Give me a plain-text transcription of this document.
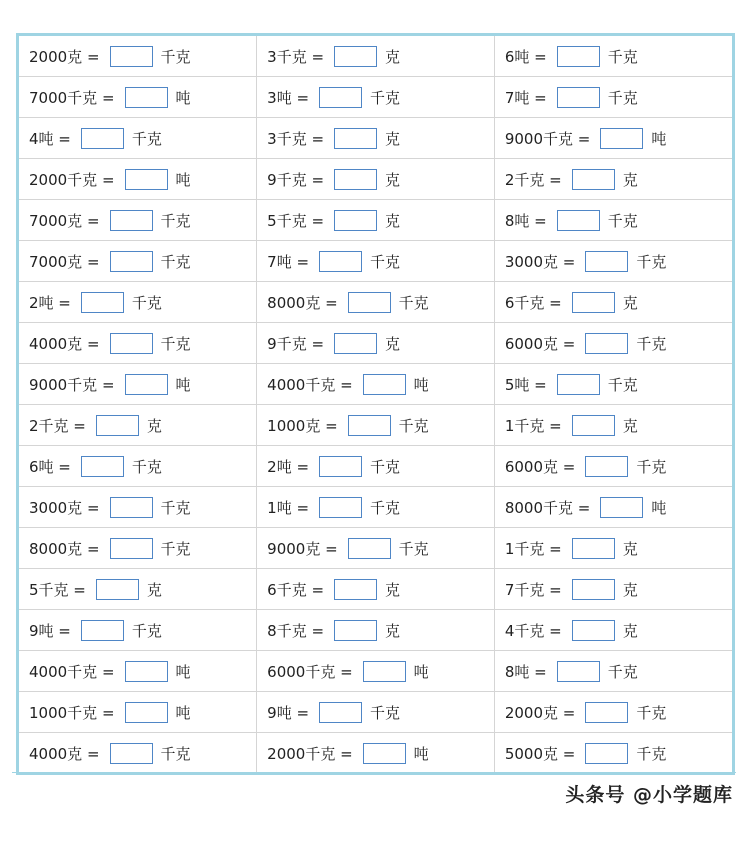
2000克 = 千克	3千克 = 克	6吨 = 千克
7000千克 = 吨	3吨 = 千克	7吨 = 千克
4吨 = 千克	3千克 = 克	9000千克 = 吨
2000千克 = 吨	9千克 = 克	2千克 = 克
7000克 = 千克	5千克 = 克	8吨 = 千克
7000克 = 千克	7吨 = 千克	3000克 = 千克
2吨 = 千克	8000克 = 千克	6千克 = 克
4000克 = 千克	9千克 = 克	6000克 = 千克
9000千克 = 吨	4000千克 = 吨	5吨 = 千克
2千克 = 克	1000克 = 千克	1千克 = 克
6吨 = 千克	2吨 = 千克	6000克 = 千克
3000克 = 千克	1吨 = 千克	8000千克 = 吨
8000克 = 千克	9000克 = 千克	1千克 = 克
5千克 = 克	6千克 = 克	7千克 = 克
9吨 = 千克	8千克 = 克	4千克 = 克
4000千克 = 吨	6000千克 = 吨	8吨 = 千克
1000千克 = 吨	9吨 = 千克	2000克 = 千克
4000克 = 千克	2000千克 = 吨	5000克 = 千克
头条号 @小学题库
